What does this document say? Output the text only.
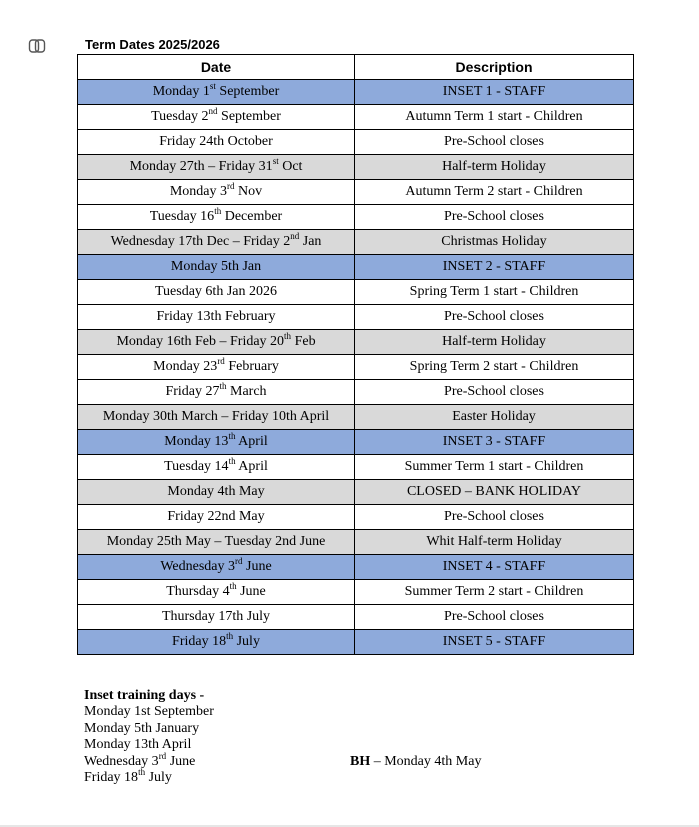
Term Dates 2025/2026
Date	Description
Monday 1st September	INSET 1 - STAFF
Tuesday 2nd September	Autumn Term 1 start - Children
Friday 24th October	Pre-School closes
Monday 27th – Friday 31st Oct	Half-term Holiday
Monday 3rd Nov	Autumn Term 2 start - Children
Tuesday 16th December	Pre-School closes
Wednesday 17th Dec – Friday 2nd Jan	Christmas Holiday
Monday 5th Jan	INSET 2 - STAFF
Tuesday 6th Jan 2026	Spring Term 1 start - Children
Friday 13th February	Pre-School closes
Monday 16th Feb – Friday 20th Feb	Half-term Holiday
Monday 23rd February	Spring Term 2 start - Children
Friday 27th March	Pre-School closes
Monday 30th March – Friday 10th April	Easter Holiday
Monday 13th April	INSET 3 - STAFF
Tuesday 14th April	Summer Term 1 start - Children
Monday 4th May	CLOSED – BANK HOLIDAY
Friday 22nd May	Pre-School closes
Monday 25th May – Tuesday 2nd June	Whit Half-term Holiday
Wednesday 3rd June	INSET 4 - STAFF
Thursday 4th June	Summer Term 2 start - Children
Thursday 17th July	Pre-School closes
Friday 18th July	INSET 5 - STAFF
Inset training days -
Monday 1st September
Monday 5th January
Monday 13th April
Wednesday 3rd June
Friday 18th July
BH – Monday 4th May
